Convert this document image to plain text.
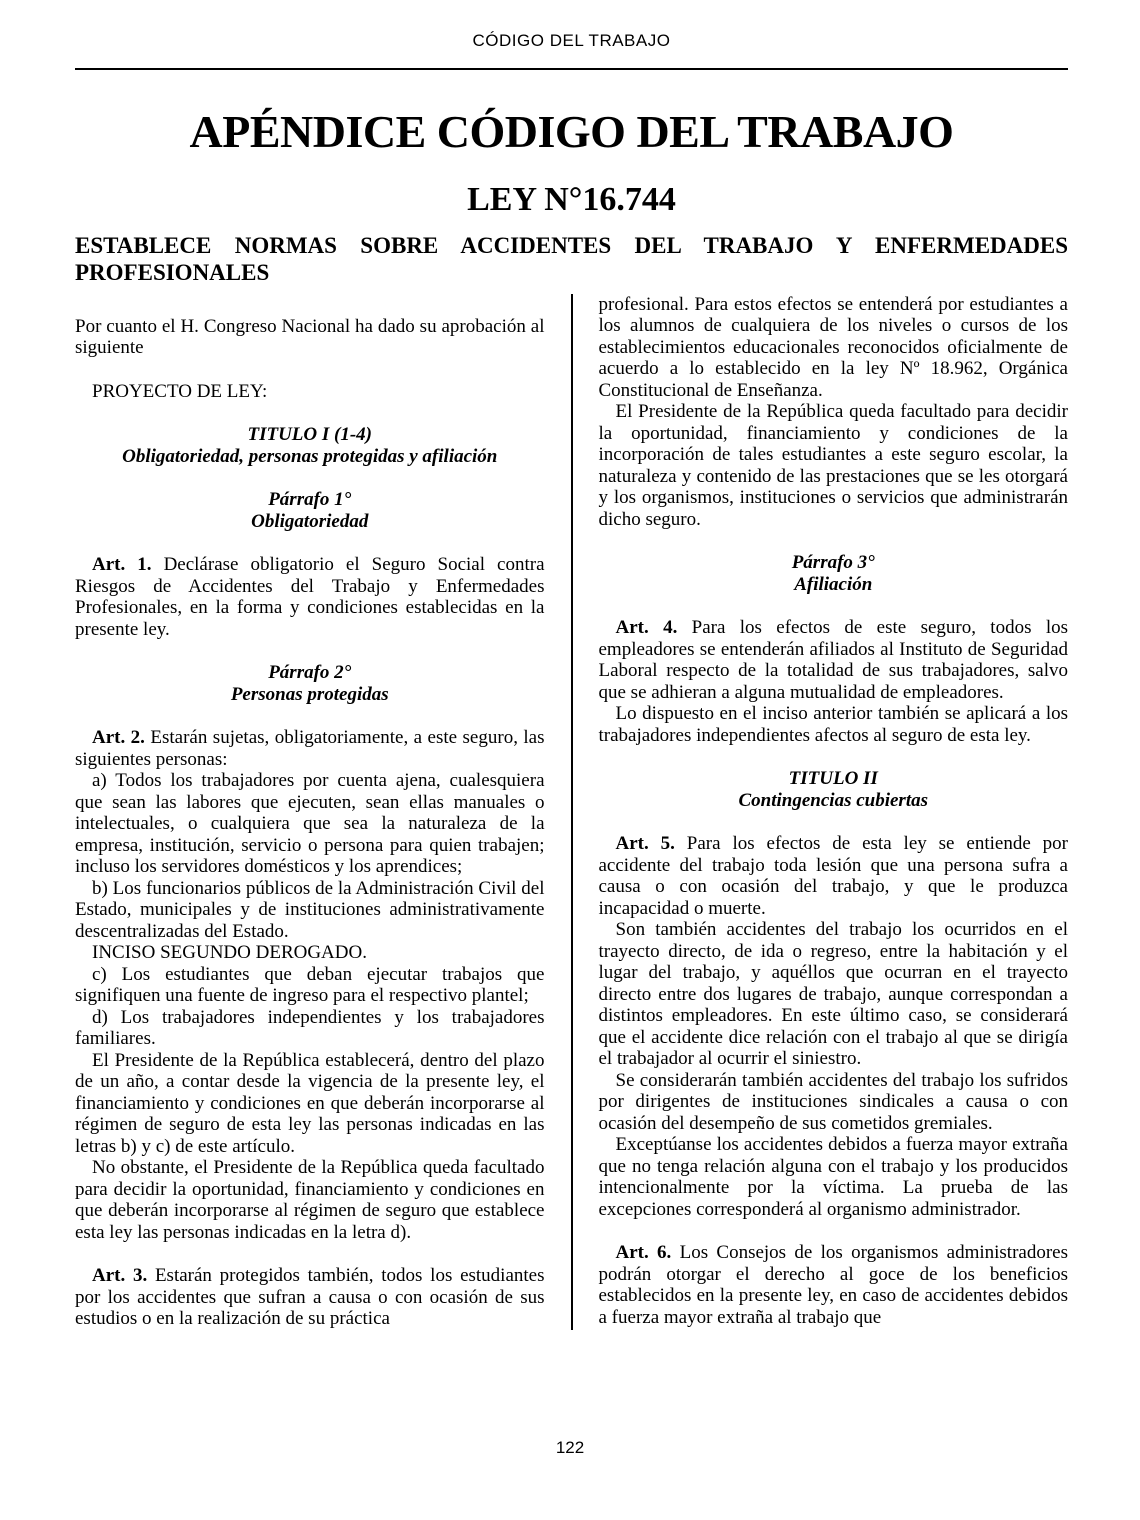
CÓDIGO DEL TRABAJO
APÉNDICE CÓDIGO DEL TRABAJO
LEY N°16.744
ESTABLECE NORMAS SOBRE ACCIDENTES DEL TRABAJO Y ENFERMEDADES
PROFESIONALES

Por cuanto el H. Congreso Nacional ha dado su aprobación al siguiente

PROYECTO DE LEY:

TITULO I (1-4)

Obligatoriedad, personas protegidas y afiliación

Párrafo 1°

Obligatoriedad

Art. 1. Declárase obligatorio el Seguro Social contra Riesgos de Accidentes del Trabajo y Enfermedades Profesionales, en la forma y condiciones establecidas en la presente ley.

Párrafo 2°

Personas protegidas

Art. 2. Estarán sujetas, obligatoriamente, a este seguro, las siguientes personas:

a) Todos los trabajadores por cuenta ajena, cualesquiera que sean las labores que ejecuten, sean ellas manuales o intelectuales, o cualquiera que sea la naturaleza de la empresa, institución, servicio o persona para quien trabajen; incluso los servidores domésticos y los aprendices;

b) Los funcionarios públicos de la Administración Civil del Estado, municipales y de instituciones administrativamente descentralizadas del Estado.

INCISO SEGUNDO DEROGADO.

c) Los estudiantes que deban ejecutar trabajos que signifiquen una fuente de ingreso para el respectivo plantel;

d) Los trabajadores independientes y los trabajadores familiares.

El Presidente de la República establecerá, dentro del plazo de un año, a contar desde la vigencia de la presente ley, el financiamiento y condiciones en que deberán incorporarse al régimen de seguro de esta ley las personas indicadas en las letras b) y c) de este artículo.

No obstante, el Presidente de la República queda facultado para decidir la oportunidad, financiamiento y condiciones en que deberán incorporarse al régimen de seguro que establece esta ley las personas indicadas en la letra d).

Art. 3. Estarán protegidos también, todos los estudiantes por los accidentes que sufran a causa o con ocasión de sus estudios o en la realización de su práctica

profesional. Para estos efectos se entenderá por estudiantes a los alumnos de cualquiera de los niveles o cursos de los establecimientos educacionales reconocidos oficialmente de acuerdo a lo establecido en la ley Nº 18.962, Orgánica Constitucional de Enseñanza.

El Presidente de la República queda facultado para decidir la oportunidad, financiamiento y condiciones de la incorporación de tales estudiantes a este seguro escolar, la naturaleza y contenido de las prestaciones que se les otorgará y los organismos, instituciones o servicios que administrarán dicho seguro.

Párrafo 3°

Afiliación

Art. 4. Para los efectos de este seguro, todos los empleadores se entenderán afiliados al Instituto de Seguridad Laboral respecto de la totalidad de sus trabajadores, salvo que se adhieran a alguna mutualidad de empleadores.

Lo dispuesto en el inciso anterior también se aplicará a los trabajadores independientes afectos al seguro de esta ley.

TITULO II

Contingencias cubiertas

Art. 5. Para los efectos de esta ley se entiende por accidente del trabajo toda lesión que una persona sufra a causa o con ocasión del trabajo, y que le produzca incapacidad o muerte.

Son también accidentes del trabajo los ocurridos en el trayecto directo, de ida o regreso, entre la habitación y el lugar del trabajo, y aquéllos que ocurran en el trayecto directo entre dos lugares de trabajo, aunque correspondan a distintos empleadores. En este último caso, se considerará que el accidente dice relación con el trabajo al que se dirigía el trabajador al ocurrir el siniestro.

Se considerarán también accidentes del trabajo los sufridos por dirigentes de instituciones sindicales a causa o con ocasión del desempeño de sus cometidos gremiales.

Exceptúanse los accidentes debidos a fuerza mayor extraña que no tenga relación alguna con el trabajo y los producidos intencionalmente por la víctima. La prueba de las excepciones corresponderá al organismo administrador.

Art. 6. Los Consejos de los organismos administradores podrán otorgar el derecho al goce de los beneficios establecidos en la presente ley, en caso de accidentes debidos a fuerza mayor extraña al trabajo que

122
